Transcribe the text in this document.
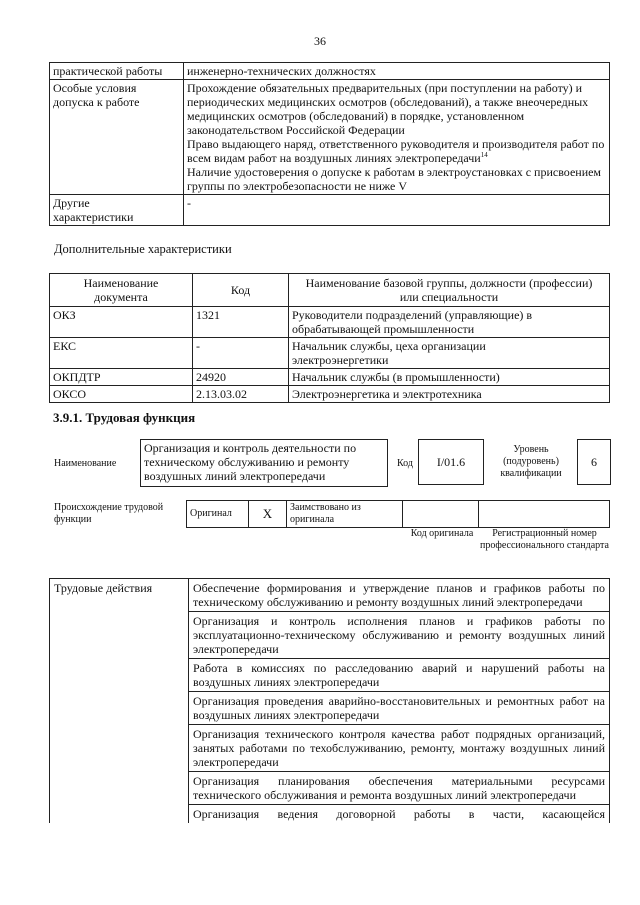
36
практической работы	инженерно-технических должностях
Особые условия допуска к работе	Прохождение обязательных предварительных (при поступлении на работу) и периодических медицинских осмотров (обследований), а также внеочередных медицинских осмотров (обследований) в порядке, установленном законодательством Российской Федерации
Право выдающего наряд, ответственного руководителя и производителя работ по всем видам работ на воздушных линиях электропередачи$^{14}$
Наличие удостоверения о допуске к работам в электроустановках с присвоением группы по электробезопасности не ниже V

Другие характеристики	-
Дополнительные характеристики
Наименование документа	Код	Наименование базовой группы, должности (профессии) или специальности
ОКЗ	1321	Руководители подразделений (управляющие) в обрабатывающей промышленности
ЕКС	-	Начальник службы, цеха организации электроэнергетики
ОКПДТР	24920	Начальник службы (в промышленности)
ОКСО	2.13.03.02	Электроэнергетика и электротехника
3.9.1. Трудовая функция
Наименование
Организация и контроль деятельности по техническому обслуживанию и ремонту воздушных линий электропередачи
Код	I/01.6
Уровень (подуровень) квалификации
6
Происхождение трудовой функции
Оригинал	X	Заимствовано из оригинала		
Код оригинала	Регистрационный номер профессионального стандарта
Трудовые действия	Обеспечение формирования и утверждение планов и графиков работы по техническому обслуживанию и ремонту воздушных линий электропередачи
Организация и контроль исполнения планов и графиков работы по эксплуатационно-техническому обслуживанию и ремонту воздушных линий электропередачи
Работа в комиссиях по расследованию аварий и нарушений работы на воздушных линиях электропередачи
Организация проведения аварийно-восстановительных и ремонтных работ на воздушных линиях электропередачи
Организация технического контроля качества работ подрядных организаций, занятых работами по техобслуживанию, ремонту, монтажу воздушных линий электропередачи
Организация планирования обеспечения материальными ресурсами технического обслуживания и ремонта воздушных линий электропередачи
Организация ведения договорной работы в части, касающейся
